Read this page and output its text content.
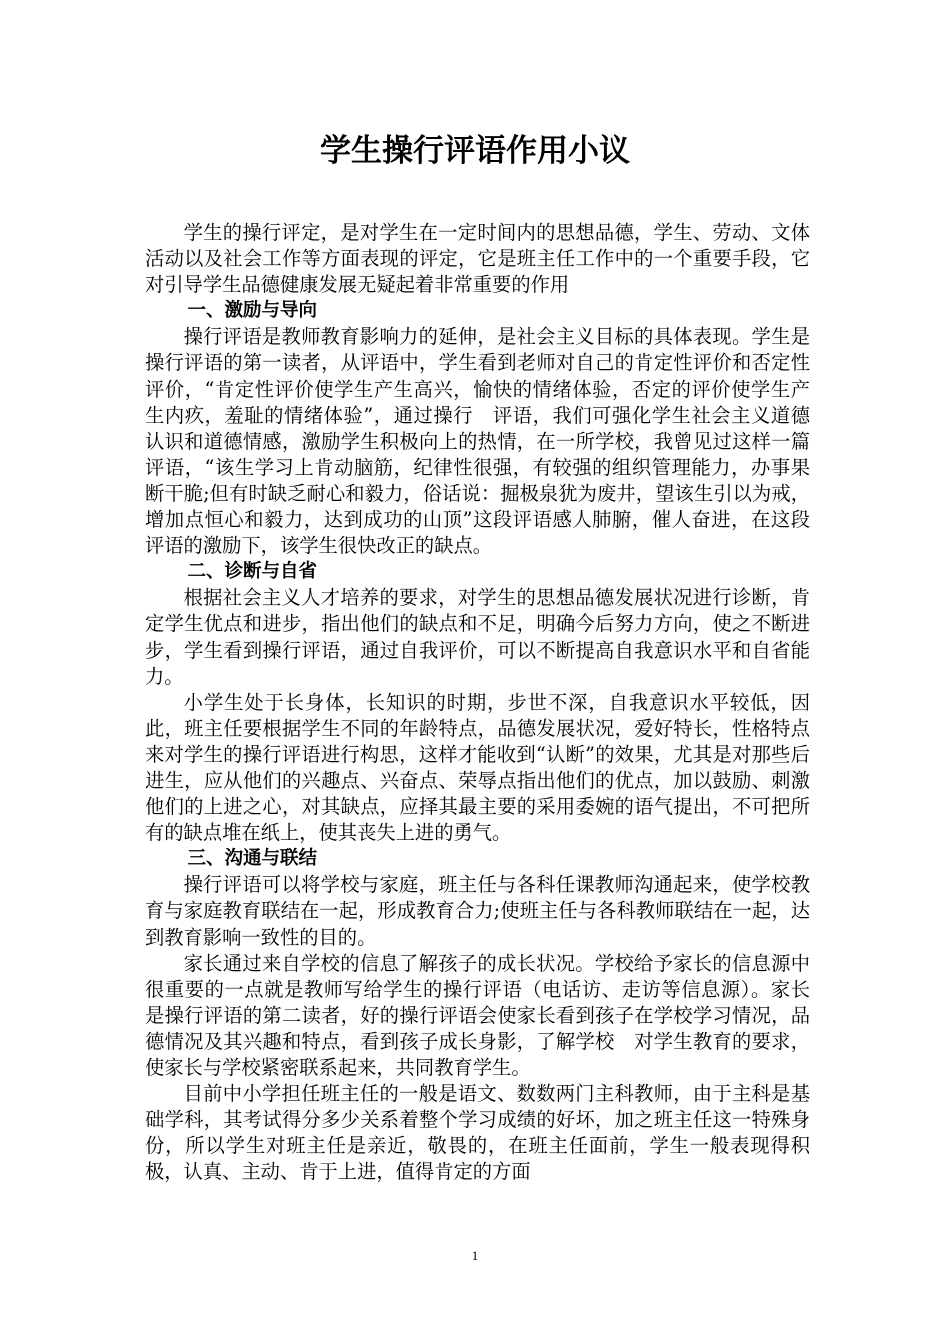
学生操行评语作用小议

学生的操行评定，是对学生在一定时间内的思想品德，学生、劳动、文体活动以及社会工作等方面表现的评定，它是班主任工作中的一个重要手段，它对引导学生品德健康发展无疑起着非常重要的作用

一、激励与导向

操行评语是教师教育影响力的延伸，是社会主义目标的具体表现。学生是操行评语的第一读者，从评语中，学生看到老师对自己的肯定性评价和否定性评价，“肯定性评价使学生产生高兴，愉快的情绪体验，否定的评价使学生产生内疚，羞耻的情绪体验”，通过操行　评语，我们可强化学生社会主义道德认识和道德情感，激励学生积极向上的热情，在一所学校，我曾见过这样一篇评语，“该生学习上肯动脑筋，纪律性很强，有较强的组织管理能力，办事果断干脆;但有时缺乏耐心和毅力，俗话说：掘极泉犹为废井，望该生引以为戒，增加点恒心和毅力，达到成功的山顶”这段评语感人肺腑，催人奋进，在这段评语的激励下，该学生很快改正的缺点。

二、诊断与自省

根据社会主义人才培养的要求，对学生的思想品德发展状况进行诊断，肯定学生优点和进步，指出他们的缺点和不足，明确今后努力方向，使之不断进步，学生看到操行评语，通过自我评价，可以不断提高自我意识水平和自省能力。

小学生处于长身体，长知识的时期，步世不深，自我意识水平较低，因此，班主任要根据学生不同的年龄特点，品德发展状况，爱好特长，性格特点来对学生的操行评语进行构思，这样才能收到“认断”的效果，尤其是对那些后进生，应从他们的兴趣点、兴奋点、荣辱点指出他们的优点，加以鼓励、刺激他们的上进之心，对其缺点，应择其最主要的采用委婉的语气提出，不可把所有的缺点堆在纸上，使其丧失上进的勇气。

三、沟通与联结

操行评语可以将学校与家庭，班主任与各科任课教师沟通起来，使学校教育与家庭教育联结在一起，形成教育合力;使班主任与各科教师联结在一起，达到教育影响一致性的目的。

家长通过来自学校的信息了解孩子的成长状况。学校给予家长的信息源中很重要的一点就是教师写给学生的操行评语（电话访、走访等信息源）。家长是操行评语的第二读者，好的操行评语会使家长看到孩子在学校学习情况，品德情况及其兴趣和特点，看到孩子成长身影，了解学校　对学生教育的要求，使家长与学校紧密联系起来，共同教育学生。

目前中小学担任班主任的一般是语文、数数两门主科教师，由于主科是基础学科，其考试得分多少关系着整个学习成绩的好坏，加之班主任这一特殊身份，所以学生对班主任是亲近，敬畏的，在班主任面前，学生一般表现得积极，认真、主动、肯于上进，值得肯定的方面

1
